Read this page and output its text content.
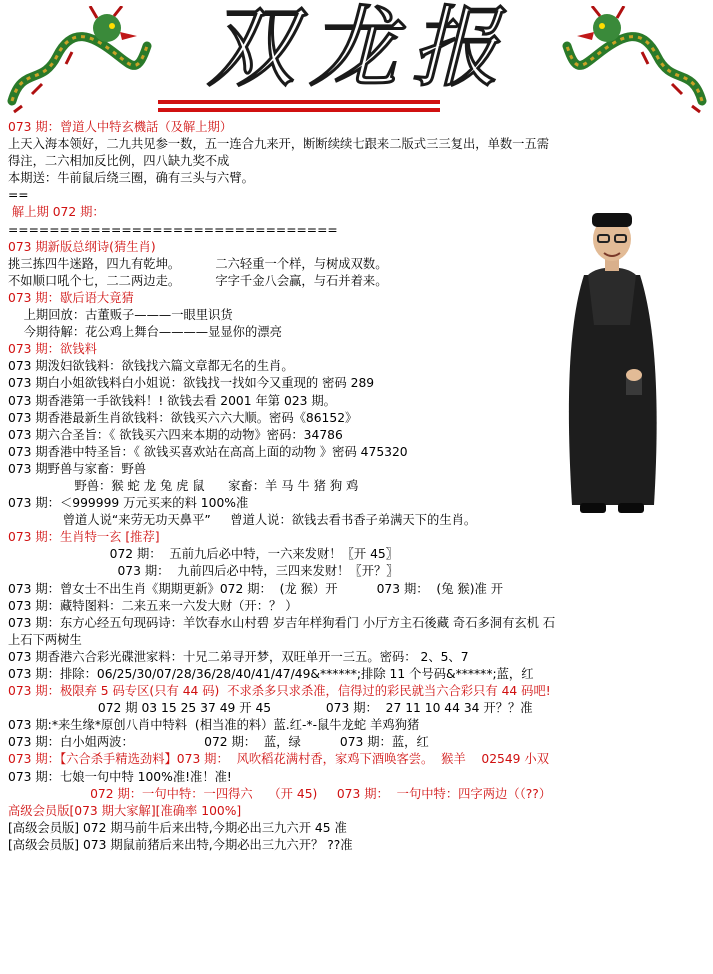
双龙报
073 期：曾道人中特玄機話（及解上期）
上天入海本领好，二九共见参一数，五一连合九来开，断断续续七跟来二版式三三复出，单数一五需
得注，二六相加反比例，四八缺九奖不成
本期送：牛前鼠后绕三圈，确有三头与六臂。
==
解上期 072 期：
================================
073 期新版总纲诗(猜生肖)
挑三拣四牛迷路，四九有乾坤。         二六轻重一个样，与树成双数。
不如顺口吼个七，二二两边走。         字字千金八会赢，与石并着来。
073 期：歇后语大竟猜
上期回放：古董贩子———一眼里识货
今期待解：花公鸡上舞台————显显你的漂亮
073 期：欲钱料
073 期泼妇欲钱料：欲钱找六篇文章都无名的生肖。
073 期白小姐欲钱料白小姐说：欲钱找一找如今又重现的 密码 289
073 期香港第一手欲钱料！! 欲钱去看 2001 年第 023 期。
073 期香港最新生肖欲钱料：欲钱买六六大顺。密码《86152》
073 期六合圣旨：《 欲钱买六四来本期的动物》密码：34786
073 期香港中特圣旨：《 欲钱买喜欢站在高高上面的动物 》密码 475320
073 期野兽与家畜：野兽
野兽：猴 蛇 龙 兔 虎 鼠      家畜：羊 马 牛 猪 狗 鸡
073 期：＜999999 万元买来的料 100%准
曾道人说“来劳无功天鼻平”     曾道人说：欲钱去看书香子弟满天下的生肖。
073 期：生肖特一玄 [推荐]
072 期：  五前九后必中特，一六来发财！〖开 45〗
073 期：  九前四后必中特，三四来发财！〖开？〗
073 期：曾女士不出生肖《期期更新》072 期：  (龙 猴）开          073 期：  (兔 猴)准 开
073 期：藏特图料：二来五来一六发大财（开：？ ）
073 期：东方心经五句现码诗：羊饮春水山村碧 岁吉年样狗看门 小厅方主石後藏 奇石多洞有玄机 石
上石下两树生
073 期香港六合彩光碟泄家料：十兄二弟寻开梦，双旺单开一三五。密码： 2、5、7
073 期：排除：06/25/30/07/28/36/28/40/41/47/49&******;排除 11 个号码&******;蓝，红
073 期：极限弃 5 码专区(只有 44 码)  不求杀多只求杀准，信得过的彩民就当六合彩只有 44 码吧!
072 期 03 15 25 37 49 开 45              073 期：  27 11 10 44 34 开？？准
073 期:*来生缘*原创八肖中特料  (相当准的料）蓝.红-*-鼠牛龙蛇 羊鸡狗猪
073 期：白小姐两波：                  072 期：  蓝，绿          073 期：蓝，红
073 期：【六合杀手精选劲料】073 期：  风吹稻花满村香，家鸡下酒唤客尝。  猴羊    02549 小双
073 期：七娘一句中特 100%准!准！准!
072 期：一句中特：一四得六    （开 45)     073 期：  一句中特：四字两边（（??）
高级会员版[073 期大家解][准确率 100%]
[高级会员版] 072 期马前牛后来出特,今期必出三九六开 45 准
[高级会员版] 073 期鼠前猪后来出特,今期必出三九六开？ ??准
